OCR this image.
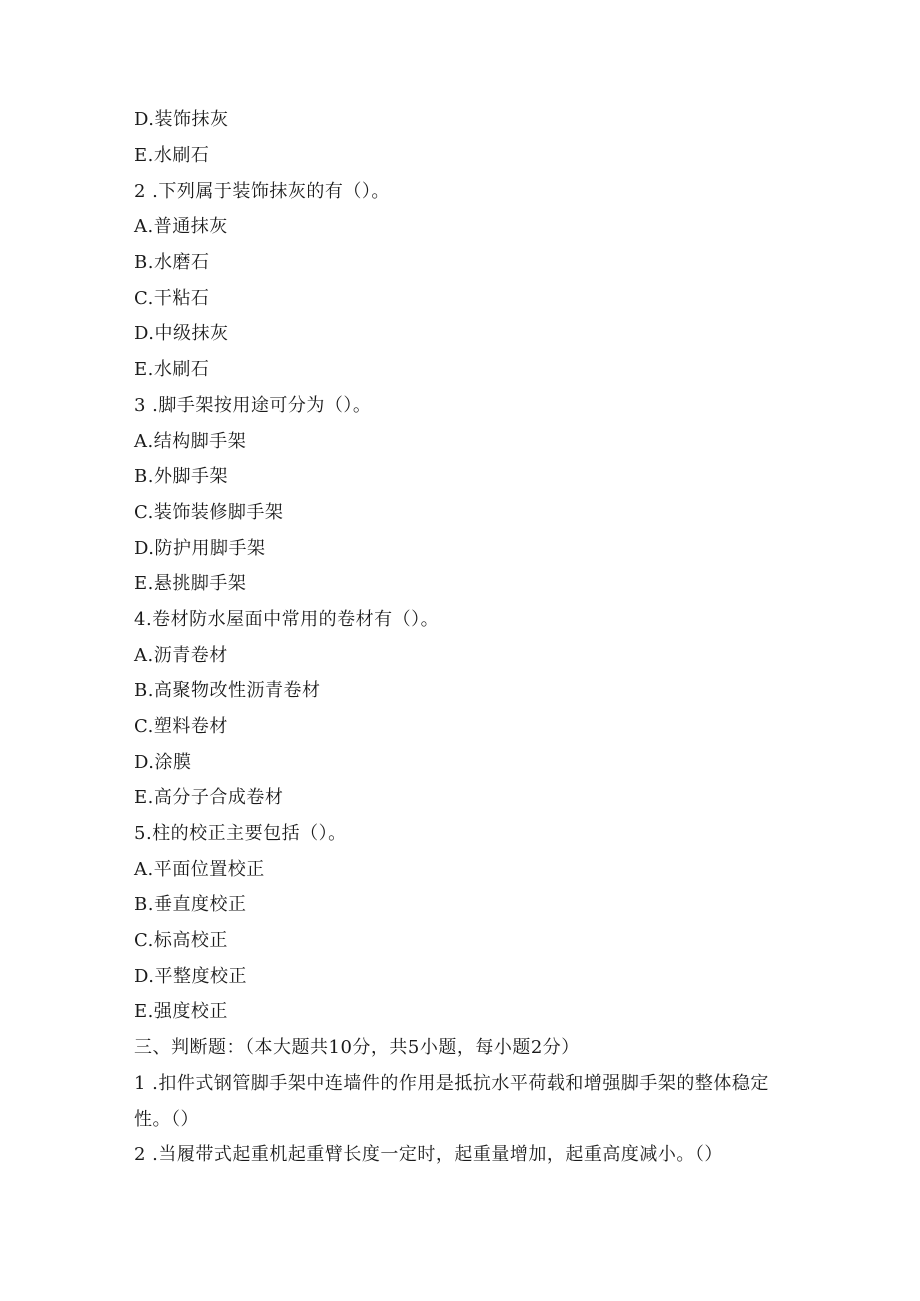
D.装饰抹灰
E.水刷石
2 .下列属于装饰抹灰的有（）。
A.普通抹灰
B.水磨石
C.干粘石
D.中级抹灰
E.水刷石
3 .脚手架按用途可分为（）。
A.结构脚手架
B.外脚手架
C.装饰装修脚手架
D.防护用脚手架
E.悬挑脚手架
4.卷材防水屋面中常用的卷材有（）。
A.沥青卷材
B.高聚物改性沥青卷材
C.塑料卷材
D.涂膜
E.高分子合成卷材
5.柱的校正主要包括（）。
A.平面位置校正
B.垂直度校正
C.标高校正
D.平整度校正
E.强度校正
三、判断题：（本大题共10分，共5小题，每小题2分）
1 .扣件式钢管脚手架中连墙件的作用是抵抗水平荷载和增强脚手架的整体稳定性。（）
2 .当履带式起重机起重臂长度一定时，起重量增加，起重高度减小。（）
